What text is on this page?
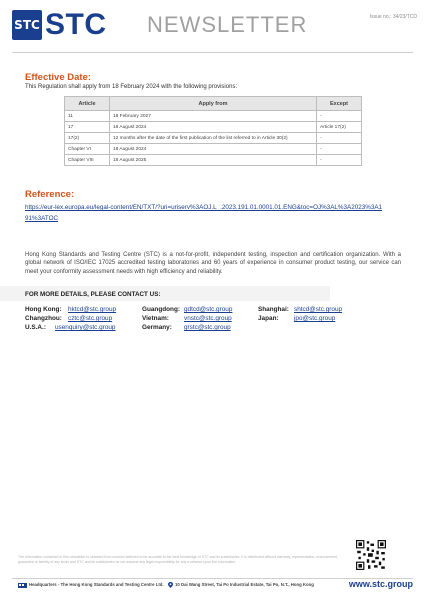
STC STC NEWSLETTER	Issue no.: 34/23/TCD
Effective Date:
This Regulation shall apply from 18 February 2024 with the following provisions:
Article	Apply from	Except
11	18 February 2027	-
17	18 August 2024	Article 17(2)
17(2)	12 months after the date of the first publication of the list referred to in Article 30(2)	-
Chapter VI	18 August 2024	-
Chapter VIII	18 August 2025	-
Reference:
https://eur-lex.europa.eu/legal-content/EN/TXT/?uri=uriserv%3AOJ.L_.2023.191.01.0001.01.ENG&toc=OJ%3AL%3A2023%3A191%3ATOC
Hong Kong Standards and Testing Centre (STC) is a not-for-profit, independent testing, inspection and certification organization. With a global network of ISO/IEC 17025 accredited testing laboratories and 60 years of experience in consumer product testing, our service can meet your conformity assessment needs with high efficiency and reliability.
FOR MORE DETAILS, PLEASE CONTACT US:
Hong Kong: hktcd@stc.group	Guangdong: gdtcd@stc.group	Shanghai: shtcd@stc.group
Changzhou: cztc@stc.group	Vietnam: vnstc@stc.group	Japan: jpo@stc.group
U.S.A.: usenquiry@stc.group	Germany: grstc@stc.group
The information contained in this newsletter is obtained from sources believed to be accurate to the best knowledge of STC and its subsidiaries. It is distributed without warranty, representation, endorsement, guarantee or liability of any kinds and STC and its subsidiaries do not assume any legal responsibility for any a reliance upon the information.
Headquarters - The Hong Kong Standards and Testing Centre Ltd.	10 Dai Wang Street, Tai Po Industrial Estate, Tai Po, N.T., Hong Kong	www.stc.group
